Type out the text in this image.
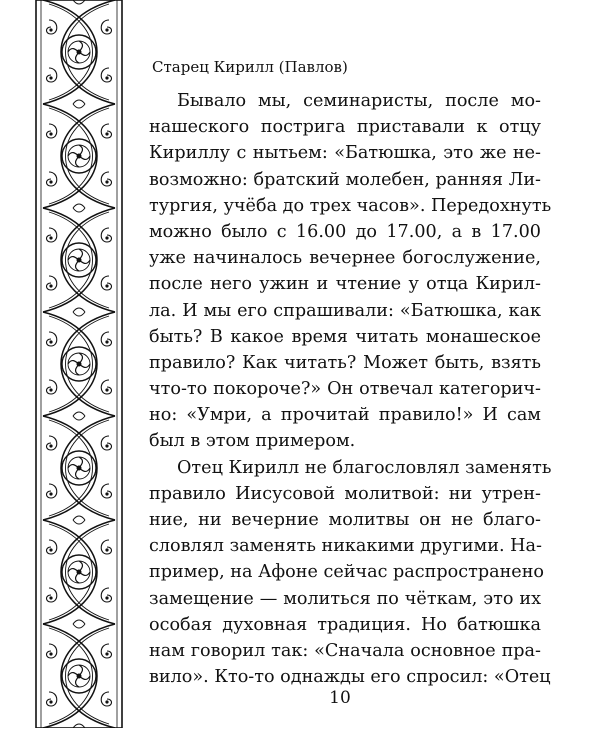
Старец Кирилл (Павлов)
Бывало мы, семинаристы, после мо-
нашеского пострига приставали к отцу
Кириллу с нытьем: «Батюшка, это же не-
возможно: братский молебен, ранняя Ли-
тургия, учёба до трех часов». Передохнуть
можно было с 16.00 до 17.00, а в 17.00
уже начиналось вечернее богослужение,
после него ужин и чтение у отца Кирил-
ла. И мы его спрашивали: «Батюшка, как
быть? В какое время читать монашеское
правило? Как читать? Может быть, взять
что-то покороче?» Он отвечал категорич-
но: «Умри, а прочитай правило!» И сам
был в этом примером.
Отец Кирилл не благословлял заменять
правило Иисусовой молитвой: ни утрен-
ние, ни вечерние молитвы он не благо-
словлял заменять никакими другими. На-
пример, на Афоне сейчас распространено
замещение — молиться по чёткам, это их
особая духовная традиция. Но батюшка
нам говорил так: «Сначала основное пра-
вило». Кто-то однажды его спросил: «Отец
10
